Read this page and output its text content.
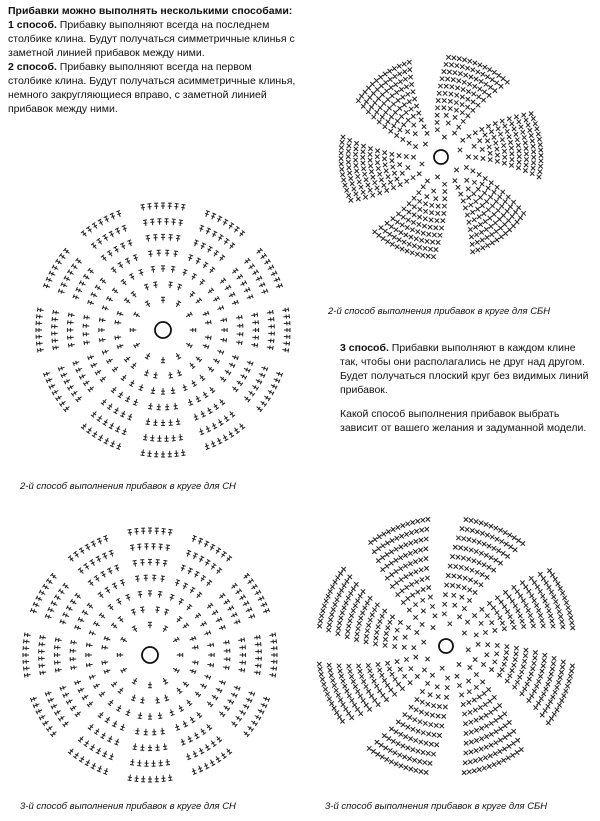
Прибавки можно выполнять несколькими способами:

1 способ. Прибавку выполняют всегда на последнем столбике клина. Будут получаться симметричные клинья с заметной линией прибавок между ними.

2 способ. Прибавку выполняют всегда на первом столбике клина. Будут получаться асимметричные клинья, немного закругляющиеся вправо, с заметной линией прибавок между ними.

3 способ. Прибавки выполняют в каждом клине так, чтобы они располагались не друг над другом. Будет получаться плоский круг без видимых линий прибавок.

Какой способ выполнения прибавок выбрать зависит от вашего желания и задуманной модели.

2-й способ выполнения прибавок в круге для СБН
2-й способ выполнения прибавок в круге для СН
3-й способ выполнения прибавок в круге для СН	3-й способ выполнения прибавок в круге для СБН
